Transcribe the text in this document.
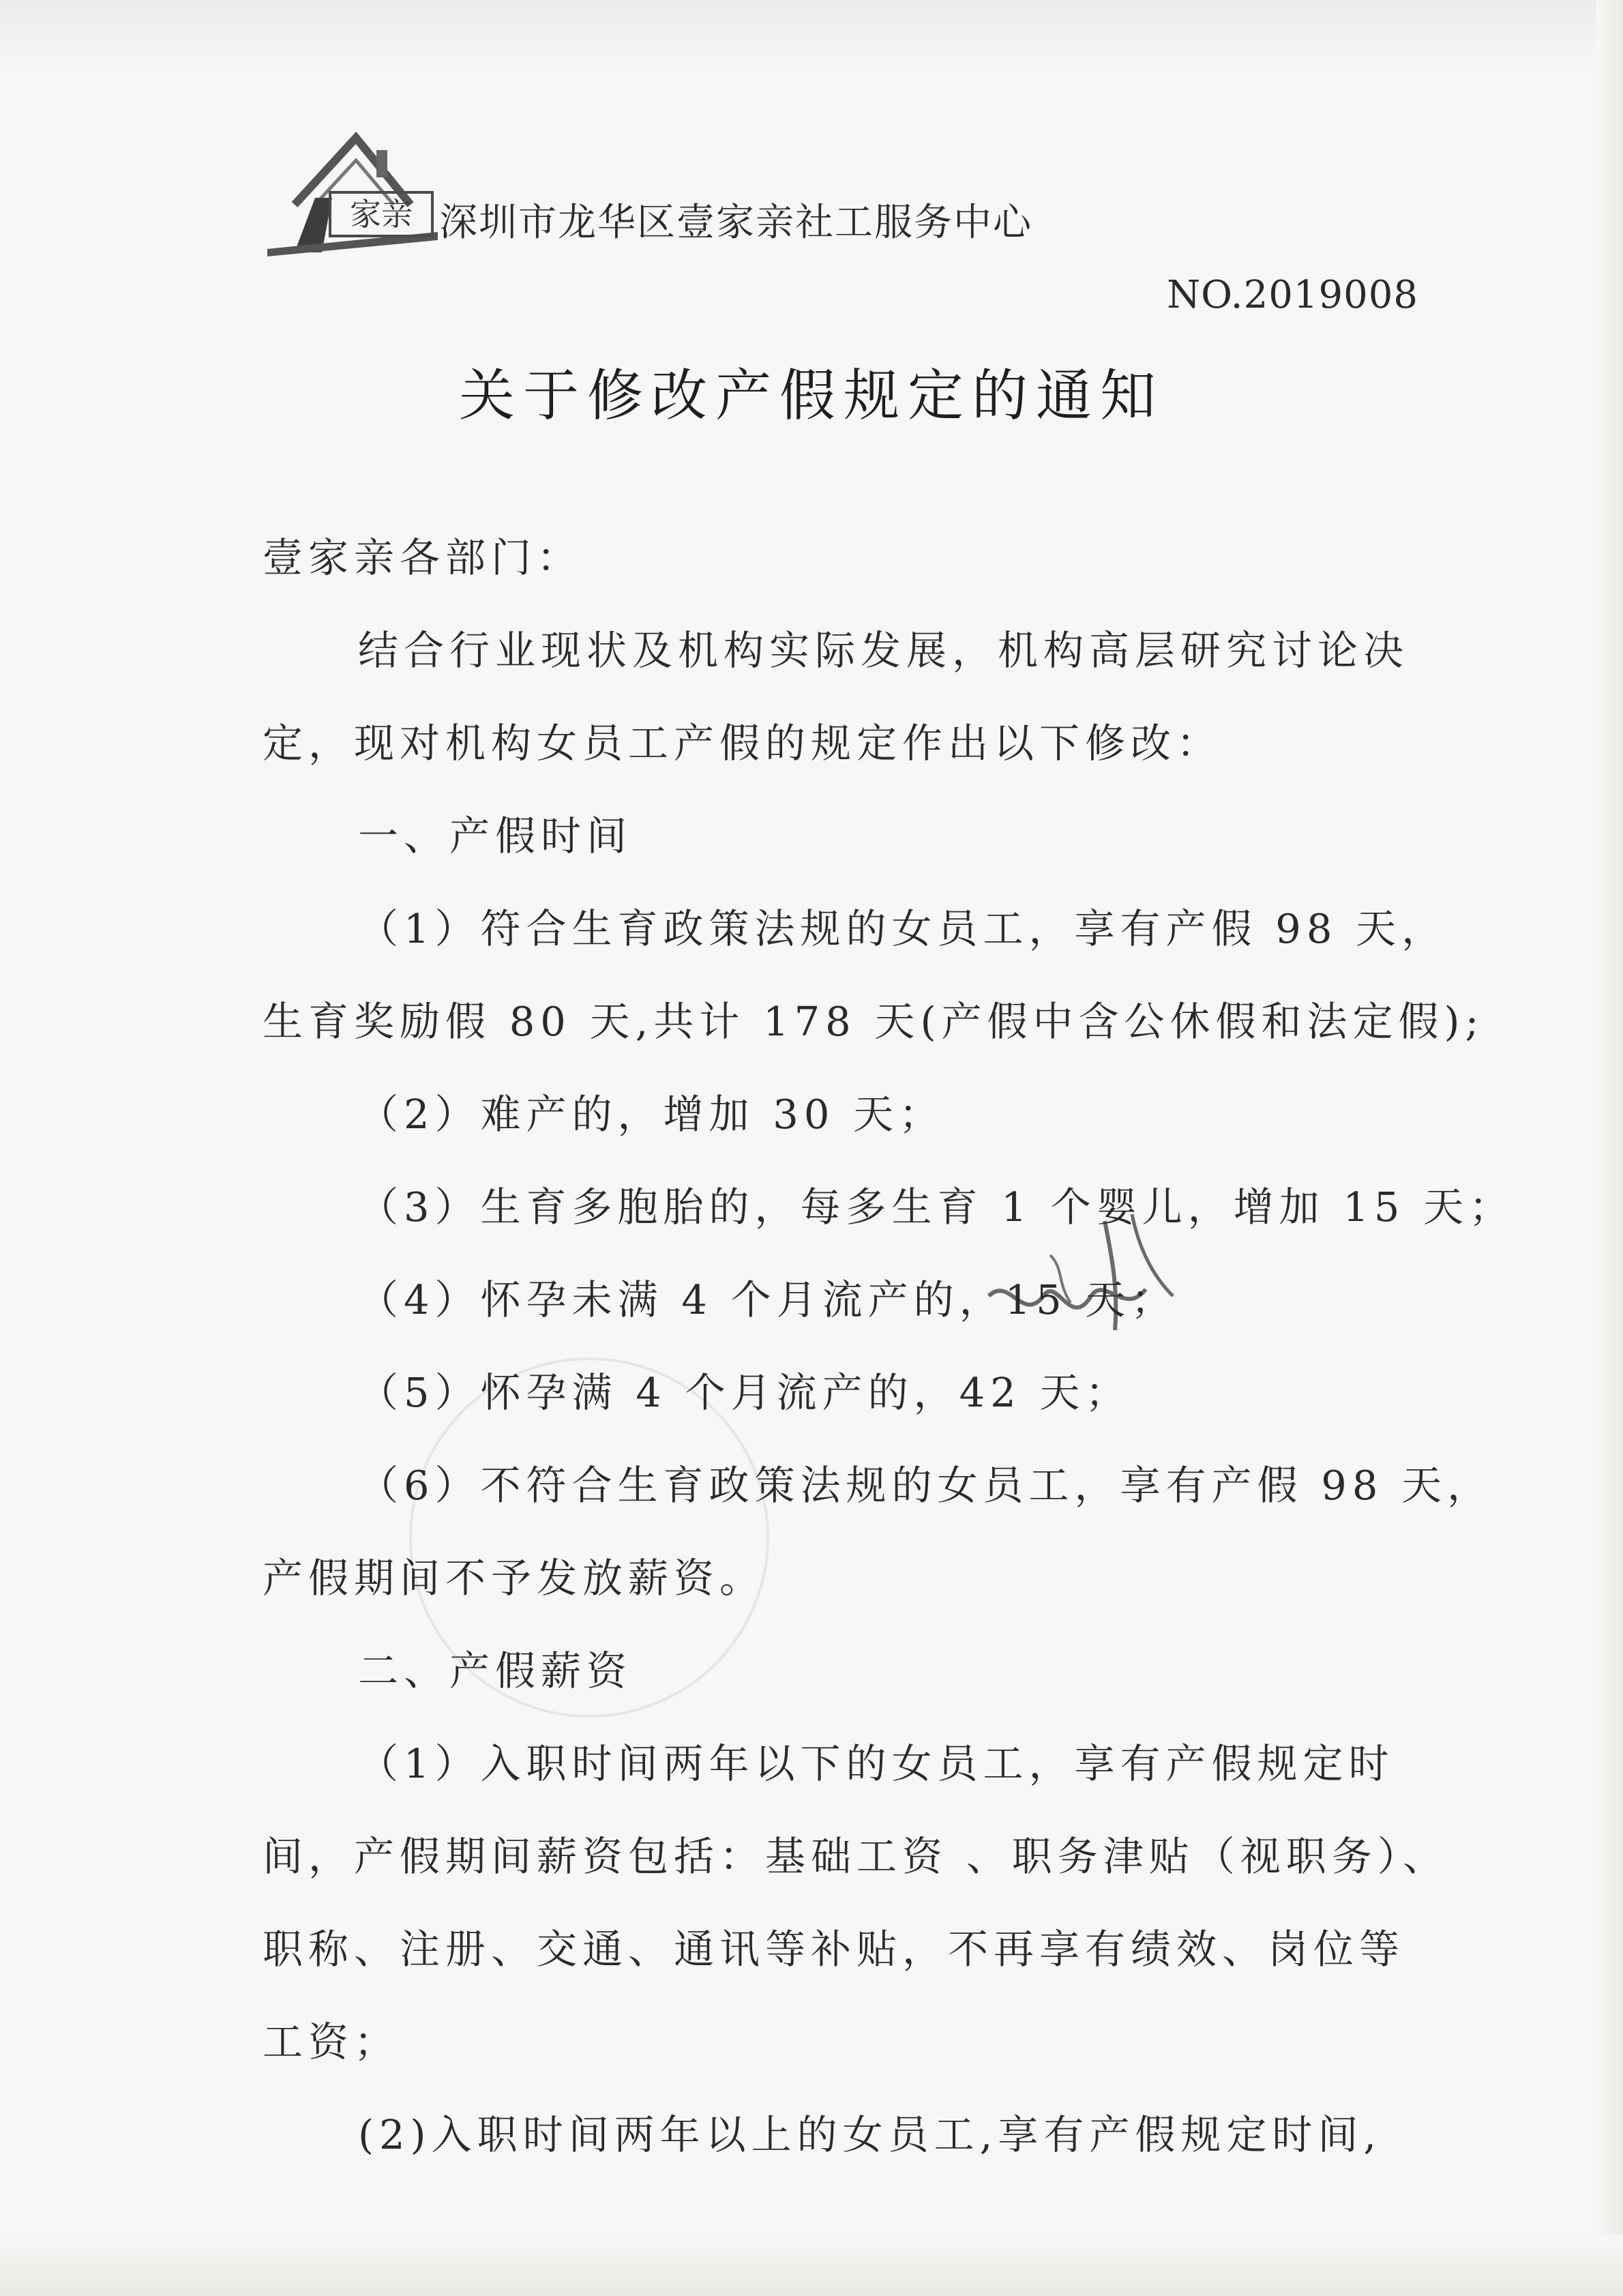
家亲 深圳市龙华区壹家亲社工服务中心
NO.2019008
关于修改产假规定的通知
壹家亲各部门：
结合行业现状及机构实际发展，机构高层研究讨论决
定，现对机构女员工产假的规定作出以下修改：
一、产假时间
（1）符合生育政策法规的女员工，享有产假 98 天，
生育奖励假 80 天,共计 178 天(产假中含公休假和法定假);
（2）难产的，增加 30 天；
（3）生育多胞胎的，每多生育 1 个婴儿，增加 15 天；
（4）怀孕未满 4 个月流产的，15 天；
（5）怀孕满 4 个月流产的，42 天；
（6）不符合生育政策法规的女员工，享有产假 98 天，
产假期间不予发放薪资。
二、产假薪资
（1）入职时间两年以下的女员工，享有产假规定时
间，产假期间薪资包括：基础工资 、职务津贴（视职务）、
职称、注册、交通、通讯等补贴，不再享有绩效、岗位等
工资；
(2)入职时间两年以上的女员工,享有产假规定时间,
